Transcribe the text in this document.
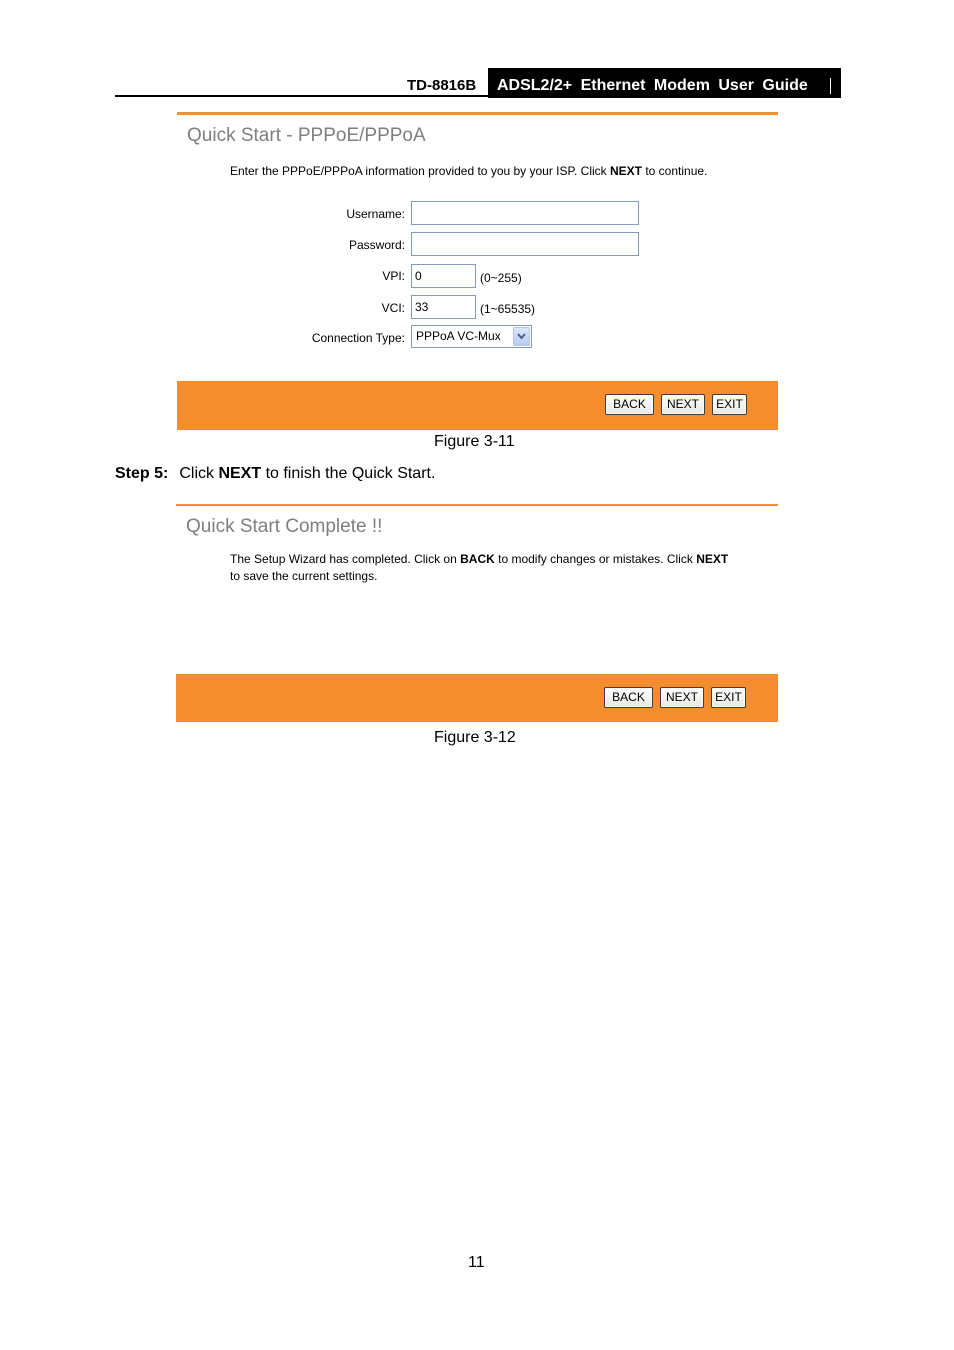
TD-8816B	ADSL2/2+ Ethernet Modem User Guide
Quick Start - PPPoE/PPPoA
Enter the PPPoE/PPPoA information provided to you by your ISP. Click NEXT to continue.
Username:
Password:
VPI: 0	(0~255)
VCI: 33	(1~65535)
Connection Type: PPPoA VC-Mux
BACK	NEXT	EXIT
Figure 3-11
Step 5: Click NEXT to finish the Quick Start.
Quick Start Complete !!
The Setup Wizard has completed. Click on BACK to modify changes or mistakes. Click NEXT
to save the current settings.
BACK	NEXT	EXIT
Figure 3-12
11
